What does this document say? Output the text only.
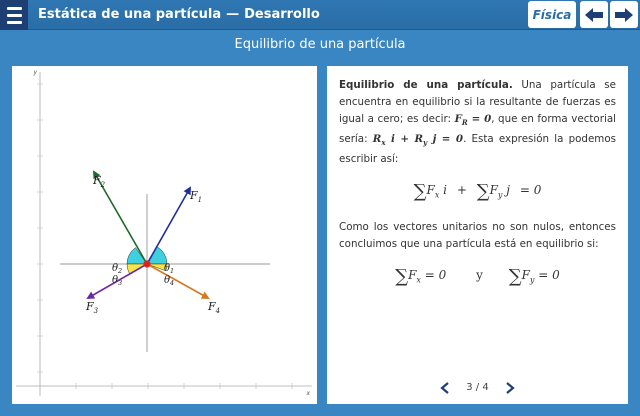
Estática de una partícula — Desarrollo	Física
Equilibrio de una partícula
y
x
$F_1$
$F_2$
$F_3$	$F_4$
$\theta_1$
$\theta_2$
$\theta_3$	$\theta_4$

Equilibrio de una partícula. Una partícula se encuentra en equilibrio si la resultante de fuerzas es igual a cero; es decir: $F_R = 0$, que en forma vectorial sería: $R_x$ $i + R_y$ j = 0. Esta expresión la podemos escribir así:

$\sum F_x$ $i + \sum F_y$ j = 0

Como los vectores unitarios no son nulos, entonces concluimos que una partícula está en equilibrio si:

$\sum F_x = 0$ y $\sum F_y = 0$
3 / 4
